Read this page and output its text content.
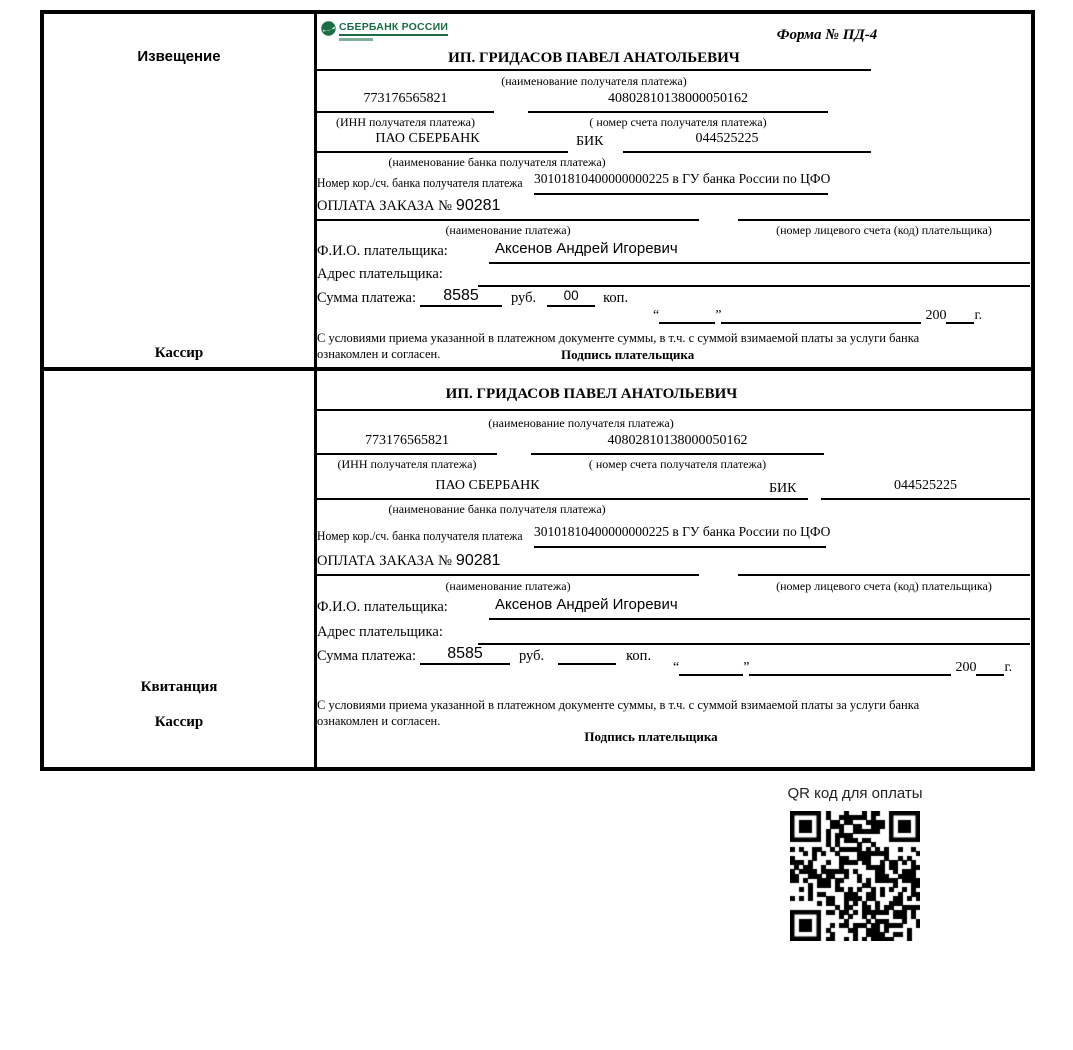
Извещение
Кассир
СБЕРБАНК РОССИИ	Форма № ПД-4
ИП. ГРИДАСОВ ПАВЕЛ АНАТОЛЬЕВИЧ
(наименование получателя платежа)
773176565821	40802810138000050162
(ИНН получателя платежа)	( номер счета получателя платежа)
ПАО СБЕРБАНК	БИК	044525225
(наименование банка получателя платежа)
Номер кор./сч. банка получателя платежа 30101810400000000225 в ГУ банка России по ЦФО
ОПЛАТА ЗАКАЗА № 90281
(наименование платежа)	(номер лицевого счета (код) плательщика)
Ф.И.О. плательщика:	Аксенов Андрей Игоревич
Адрес плательщика:
Сумма платежа:	8585	руб.	00	коп.
“	”	200 г.
С условиями приема указанной в платежном документе суммы, в т.ч. с суммой взимаемой платы за услуги банка
ознакомлен и согласен.	Подпись плательщика
Квитанция
Кассир
ИП. ГРИДАСОВ ПАВЕЛ АНАТОЛЬЕВИЧ
(наименование получателя платежа)
773176565821	40802810138000050162
(ИНН получателя платежа)	( номер счета получателя платежа)
ПАО СБЕРБАНК	БИК	044525225
(наименование банка получателя платежа)
Номер кор./сч. банка получателя платежа 30101810400000000225 в ГУ банка России по ЦФО
ОПЛАТА ЗАКАЗА № 90281
(наименование платежа)	(номер лицевого счета (код) плательщика)
Ф.И.О. плательщика:	Аксенов Андрей Игоревич
Адрес плательщика:
Сумма платежа:	8585	руб.	коп.
“	”	200 г.
С условиями приема указанной в платежном документе суммы, в т.ч. с суммой взимаемой платы за услуги банка
ознакомлен и согласен.
Подпись плательщика
QR код для оплаты
